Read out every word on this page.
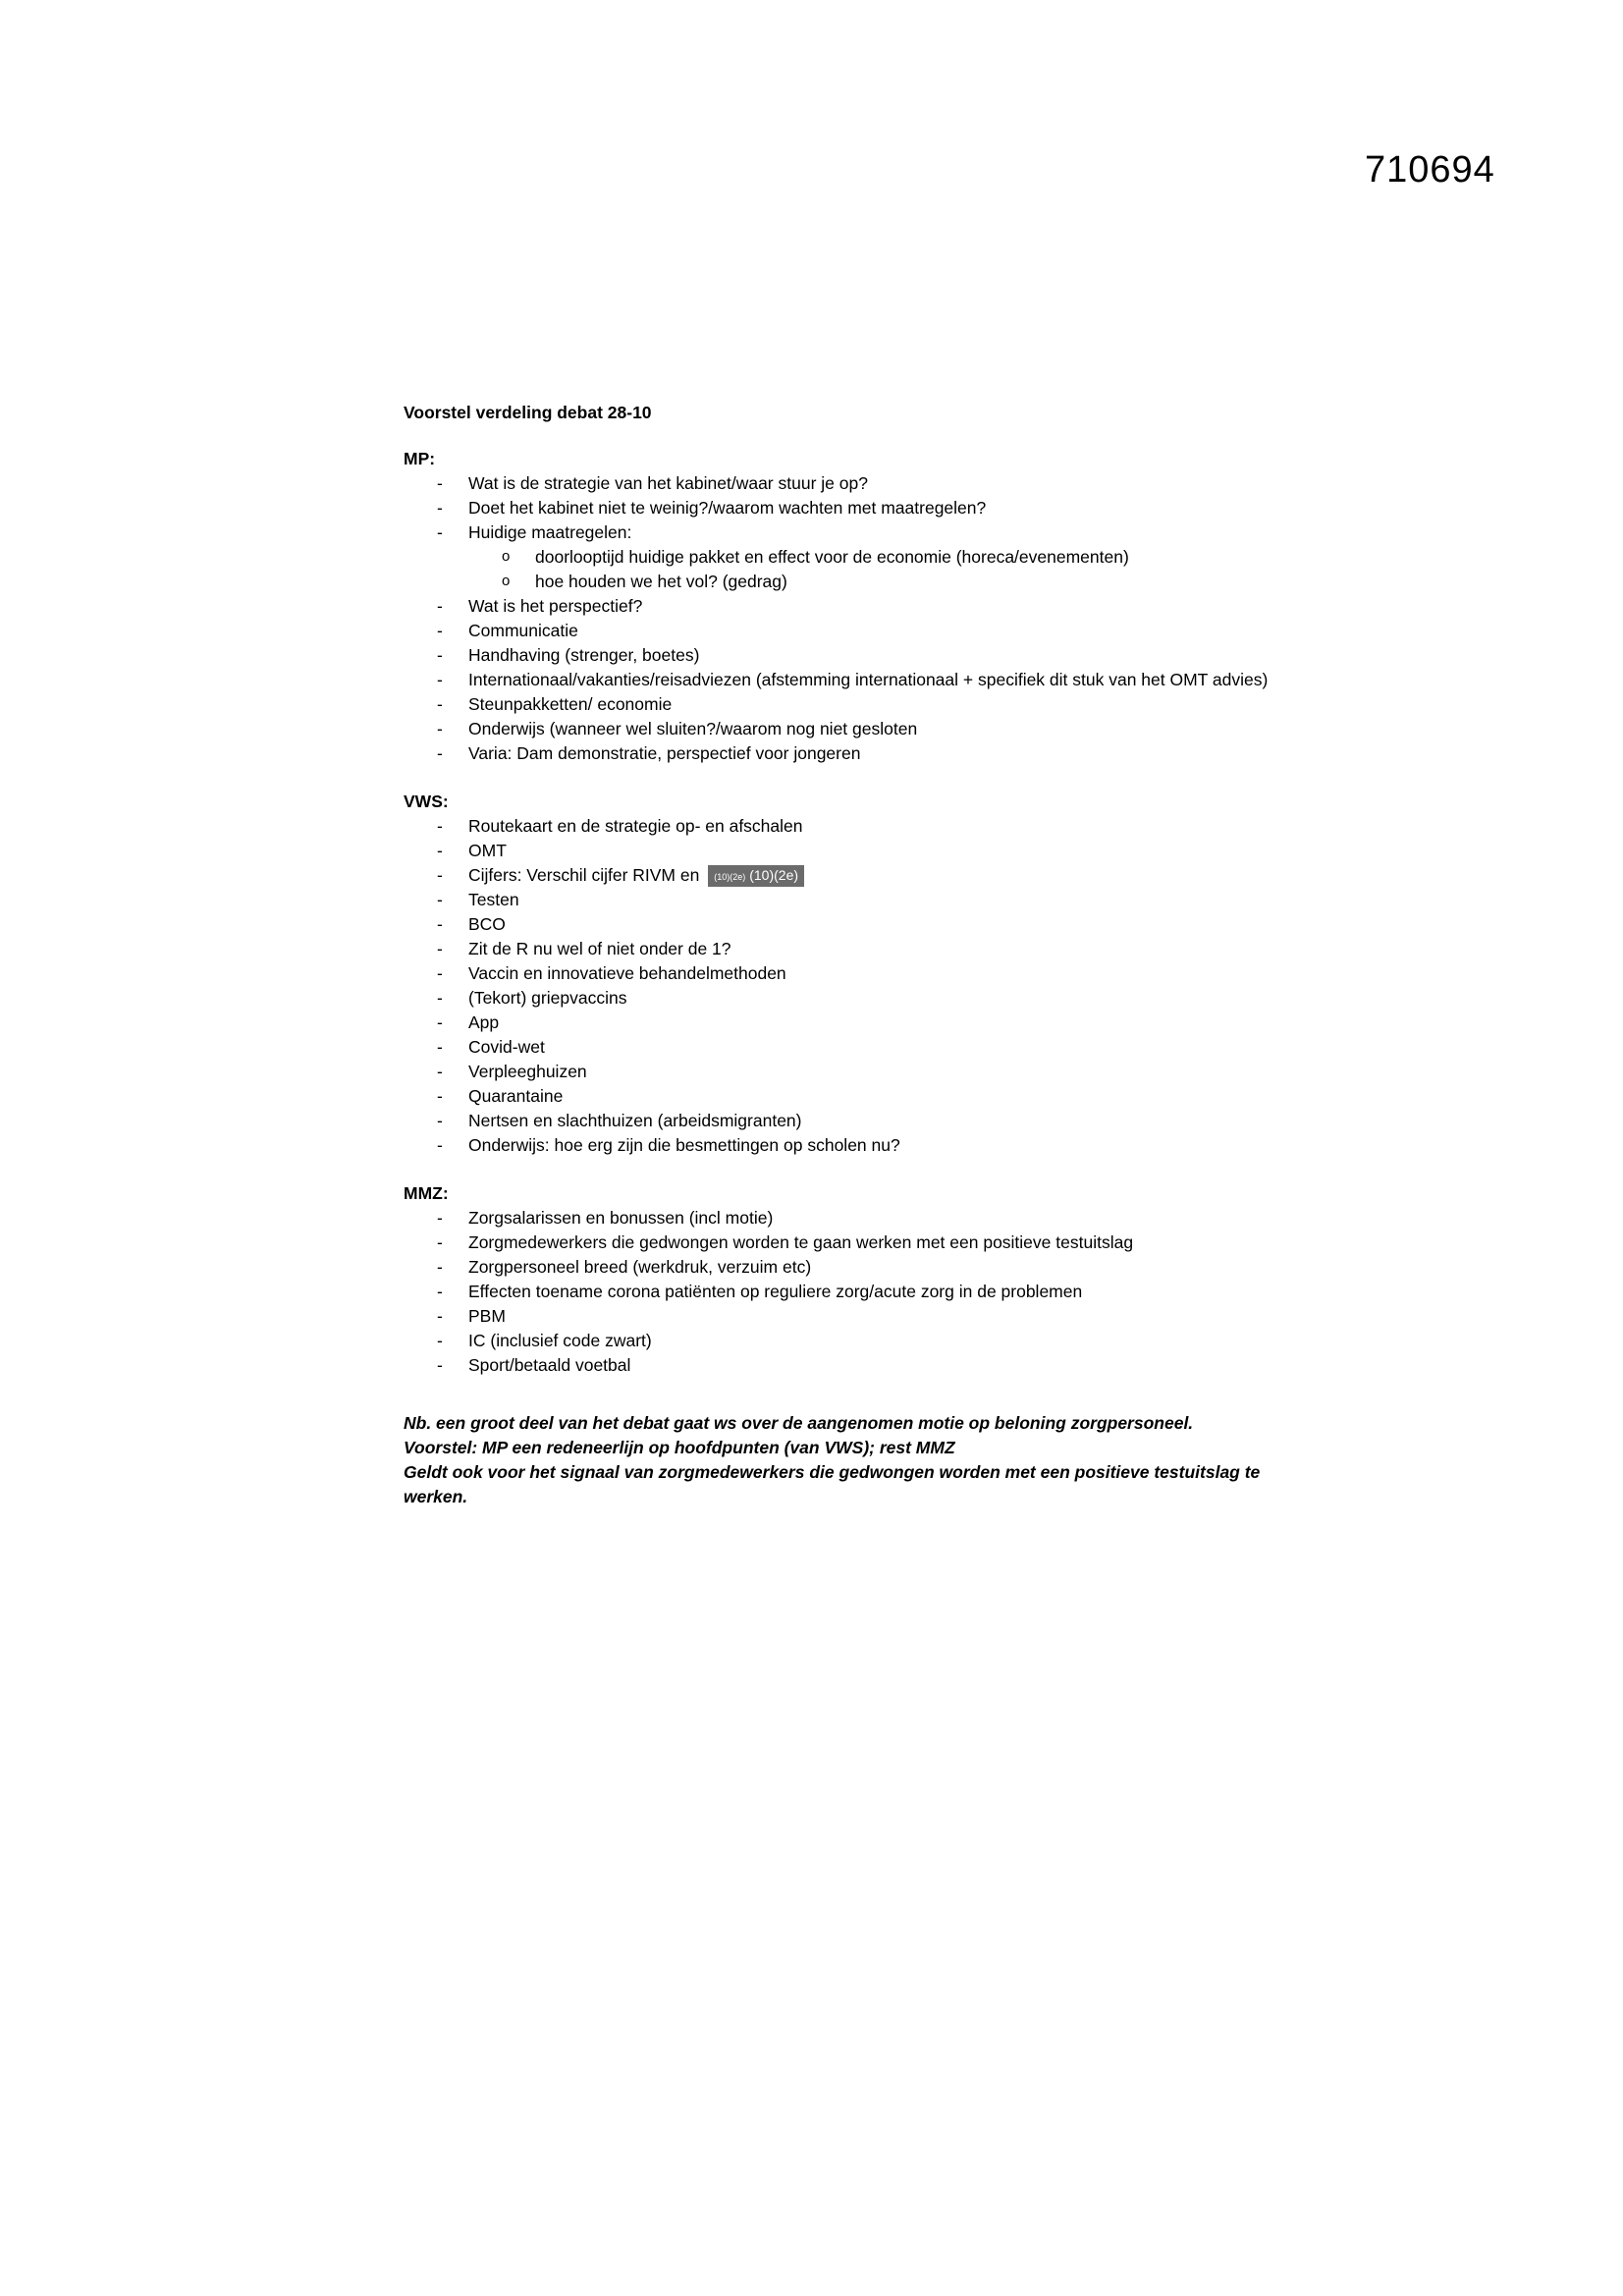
710694

Voorstel verdeling debat 28-10

MP:

- Wat is de strategie van het kabinet/waar stuur je op?
- Doet het kabinet niet te weinig?/waarom wachten met maatregelen?
- Huidige maatregelen:
o doorlooptijd huidige pakket en effect voor de economie (horeca/evenementen)
o hoe houden we het vol? (gedrag)
- Wat is het perspectief?
- Communicatie
- Handhaving (strenger, boetes)
- Internationaal/vakanties/reisadviezen (afstemming internationaal + specifiek dit stuk van het OMT advies)
- Steunpakketten/ economie
- Onderwijs (wanneer wel sluiten?/waarom nog niet gesloten
- Varia: Dam demonstratie, perspectief voor jongeren

VWS:

- Routekaart en de strategie op- en afschalen
- OMT
- Cijfers: Verschil cijfer RIVM en (10)(2e) (10)(2e)
- Testen
- BCO
- Zit de R nu wel of niet onder de 1?
- Vaccin en innovatieve behandelmethoden
- (Tekort) griepvaccins
- App
- Covid-wet
- Verpleeghuizen
- Quarantaine
- Nertsen en slachthuizen (arbeidsmigranten)
- Onderwijs: hoe erg zijn die besmettingen op scholen nu?

MMZ:

- Zorgsalarissen en bonussen (incl motie)
- Zorgmedewerkers die gedwongen worden te gaan werken met een positieve testuitslag
- Zorgpersoneel breed (werkdruk, verzuim etc)
- Effecten toename corona patiënten op reguliere zorg/acute zorg in de problemen
- PBM
- IC (inclusief code zwart)
- Sport/betaald voetbal

Nb. een groot deel van het debat gaat ws over de aangenomen motie op beloning zorgpersoneel.

Voorstel: MP een redeneerlijn op hoofdpunten (van VWS); rest MMZ

Geldt ook voor het signaal van zorgmedewerkers die gedwongen worden met een positieve testuitslag te werken.
